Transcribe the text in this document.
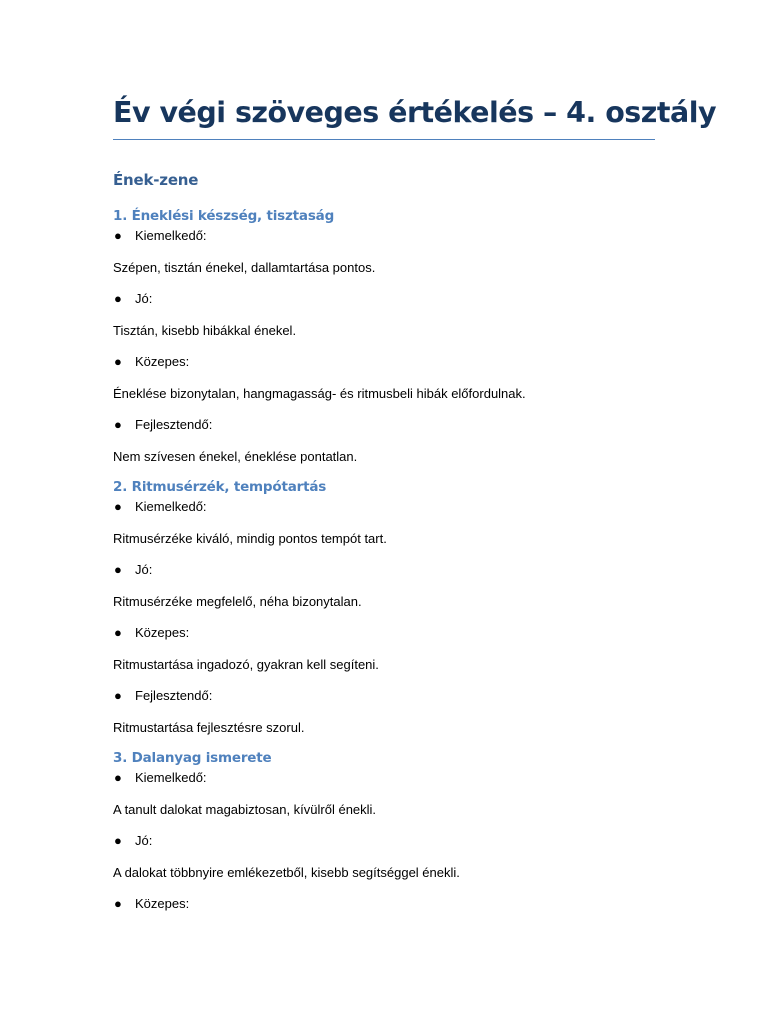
Év végi szöveges értékelés – 4. osztály
Ének-zene
1. Éneklési készség, tisztaság
●	Kiemelkedő:

Szépen, tisztán énekel, dallamtartása pontos.

●	Jó:

Tisztán, kisebb hibákkal énekel.

●	Közepes:

Éneklése bizonytalan, hangmagasság- és ritmusbeli hibák előfordulnak.

●	Fejlesztendő:

Nem szívesen énekel, éneklése pontatlan.

2. Ritmusérzék, tempótartás
●	Kiemelkedő:

Ritmusérzéke kiváló, mindig pontos tempót tart.

●	Jó:

Ritmusérzéke megfelelő, néha bizonytalan.

●	Közepes:

Ritmustartása ingadozó, gyakran kell segíteni.

●	Fejlesztendő:

Ritmustartása fejlesztésre szorul.

3. Dalanyag ismerete
●	Kiemelkedő:

A tanult dalokat magabiztosan, kívülről énekli.

●	Jó:

A dalokat többnyire emlékezetből, kisebb segítséggel énekli.

●	Közepes:
